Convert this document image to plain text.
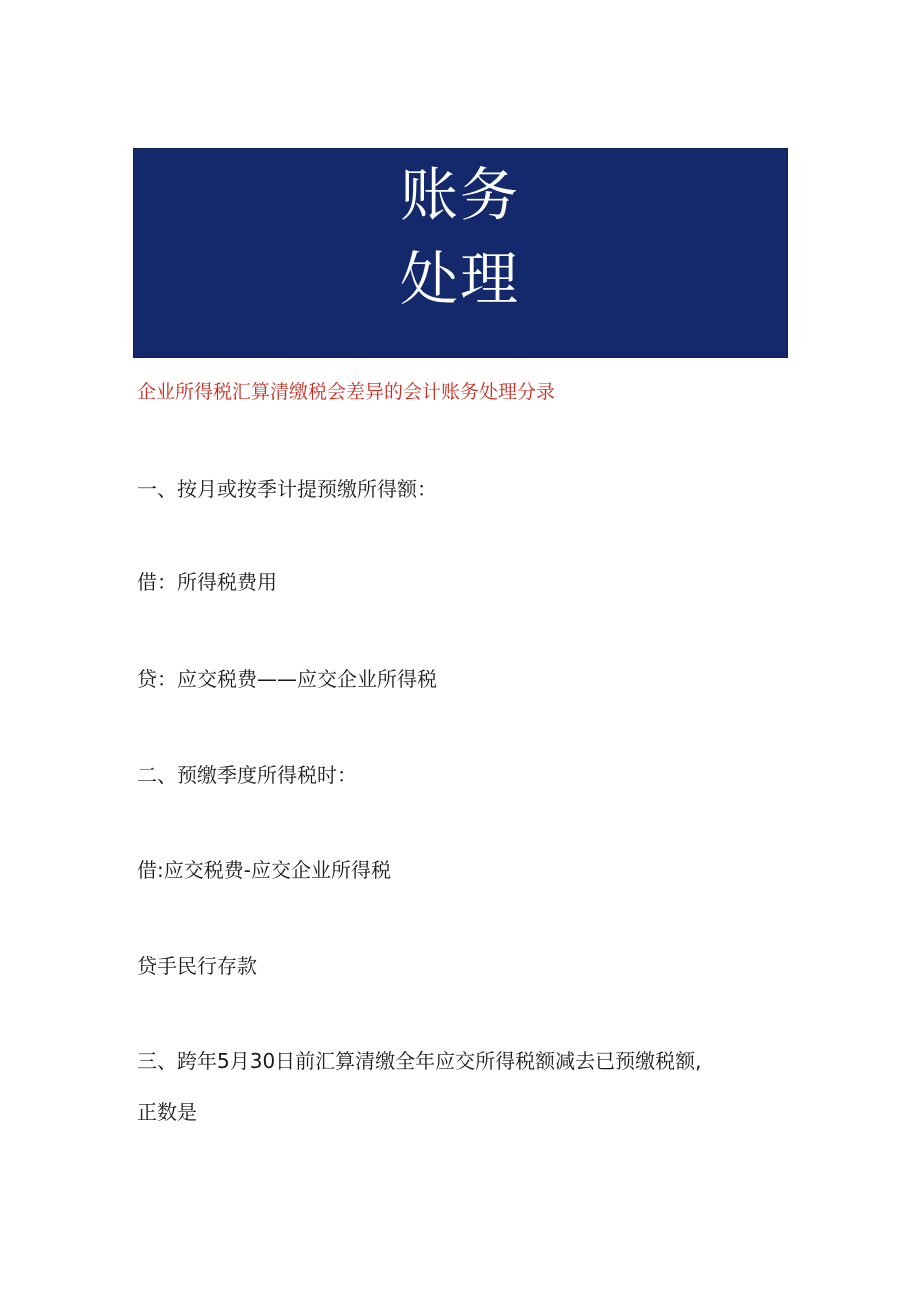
账务
处理
企业所得税汇算清缴税会差异的会计账务处理分录
一、按月或按季计提预缴所得额：
借：所得税费用
贷：应交税费——应交企业所得税
二、预缴季度所得税时：
借:应交税费-应交企业所得税
贷手民行存款
三、跨年5月30日前汇算清缴全年应交所得税额减去已预缴税额,
正数是
